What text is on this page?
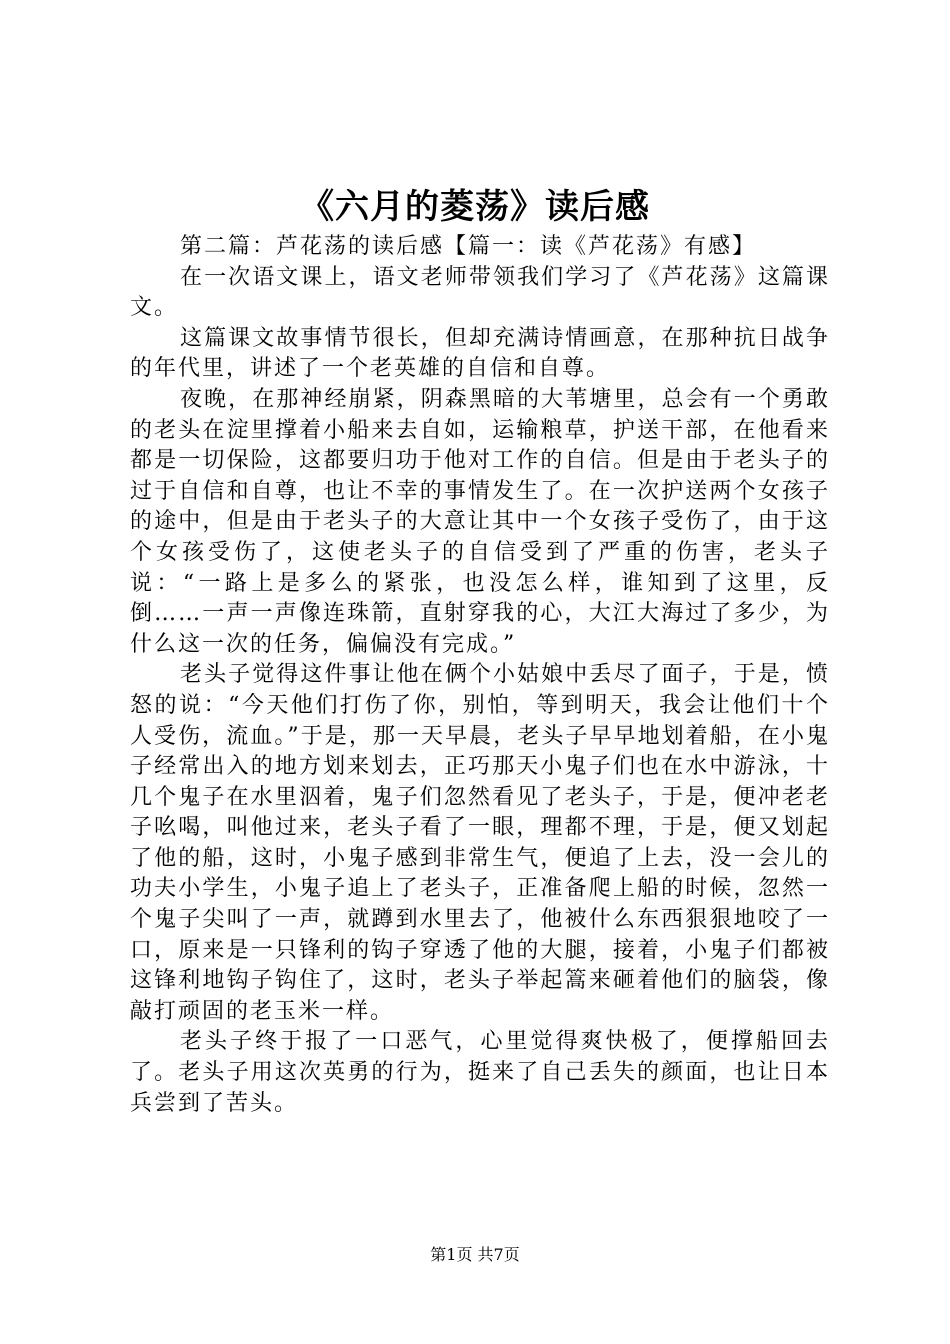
《六月的菱荡》读后感

第二篇：芦花荡的读后感【篇一：读《芦花荡》有感】

在一次语文课上，语文老师带领我们学习了《芦花荡》这篇课文。

这篇课文故事情节很长，但却充满诗情画意，在那种抗日战争的年代里，讲述了一个老英雄的自信和自尊。

夜晚，在那神经崩紧，阴森黑暗的大苇塘里，总会有一个勇敢的老头在淀里撑着小船来去自如，运输粮草，护送干部，在他看来都是一切保险，这都要归功于他对工作的自信。但是由于老头子的过于自信和自尊，也让不幸的事情发生了。在一次护送两个女孩子的途中，但是由于老头子的大意让其中一个女孩子受伤了，由于这个女孩受伤了，这使老头子的自信受到了严重的伤害，老头子说：“一路上是多么的紧张，也没怎么样，谁知到了这里，反倒……一声一声像连珠箭，直射穿我的心，大江大海过了多少，为什么这一次的任务，偏偏没有完成。”

老头子觉得这件事让他在俩个小姑娘中丢尽了面子，于是，愤怒的说：“今天他们打伤了你，别怕，等到明天，我会让他们十个人受伤，流血。”于是，那一天早晨，老头子早早地划着船，在小鬼子经常出入的地方划来划去，正巧那天小鬼子们也在水中游泳，十几个鬼子在水里泅着，鬼子们忽然看见了老头子，于是，便冲老老子吆喝，叫他过来，老头子看了一眼，理都不理，于是，便又划起了他的船，这时，小鬼子感到非常生气，便追了上去，没一会儿的功夫小学生，小鬼子追上了老头子，正准备爬上船的时候，忽然一个鬼子尖叫了一声，就蹲到水里去了，他被什么东西狠狠地咬了一口，原来是一只锋利的钩子穿透了他的大腿，接着，小鬼子们都被这锋利地钩子钩住了，这时，老头子举起篙来砸着他们的脑袋，像敲打顽固的老玉米一样。

老头子终于报了一口恶气，心里觉得爽快极了，便撑船回去了。老头子用这次英勇的行为，挺来了自己丢失的颜面，也让日本兵尝到了苦头。

第1页 共7页
